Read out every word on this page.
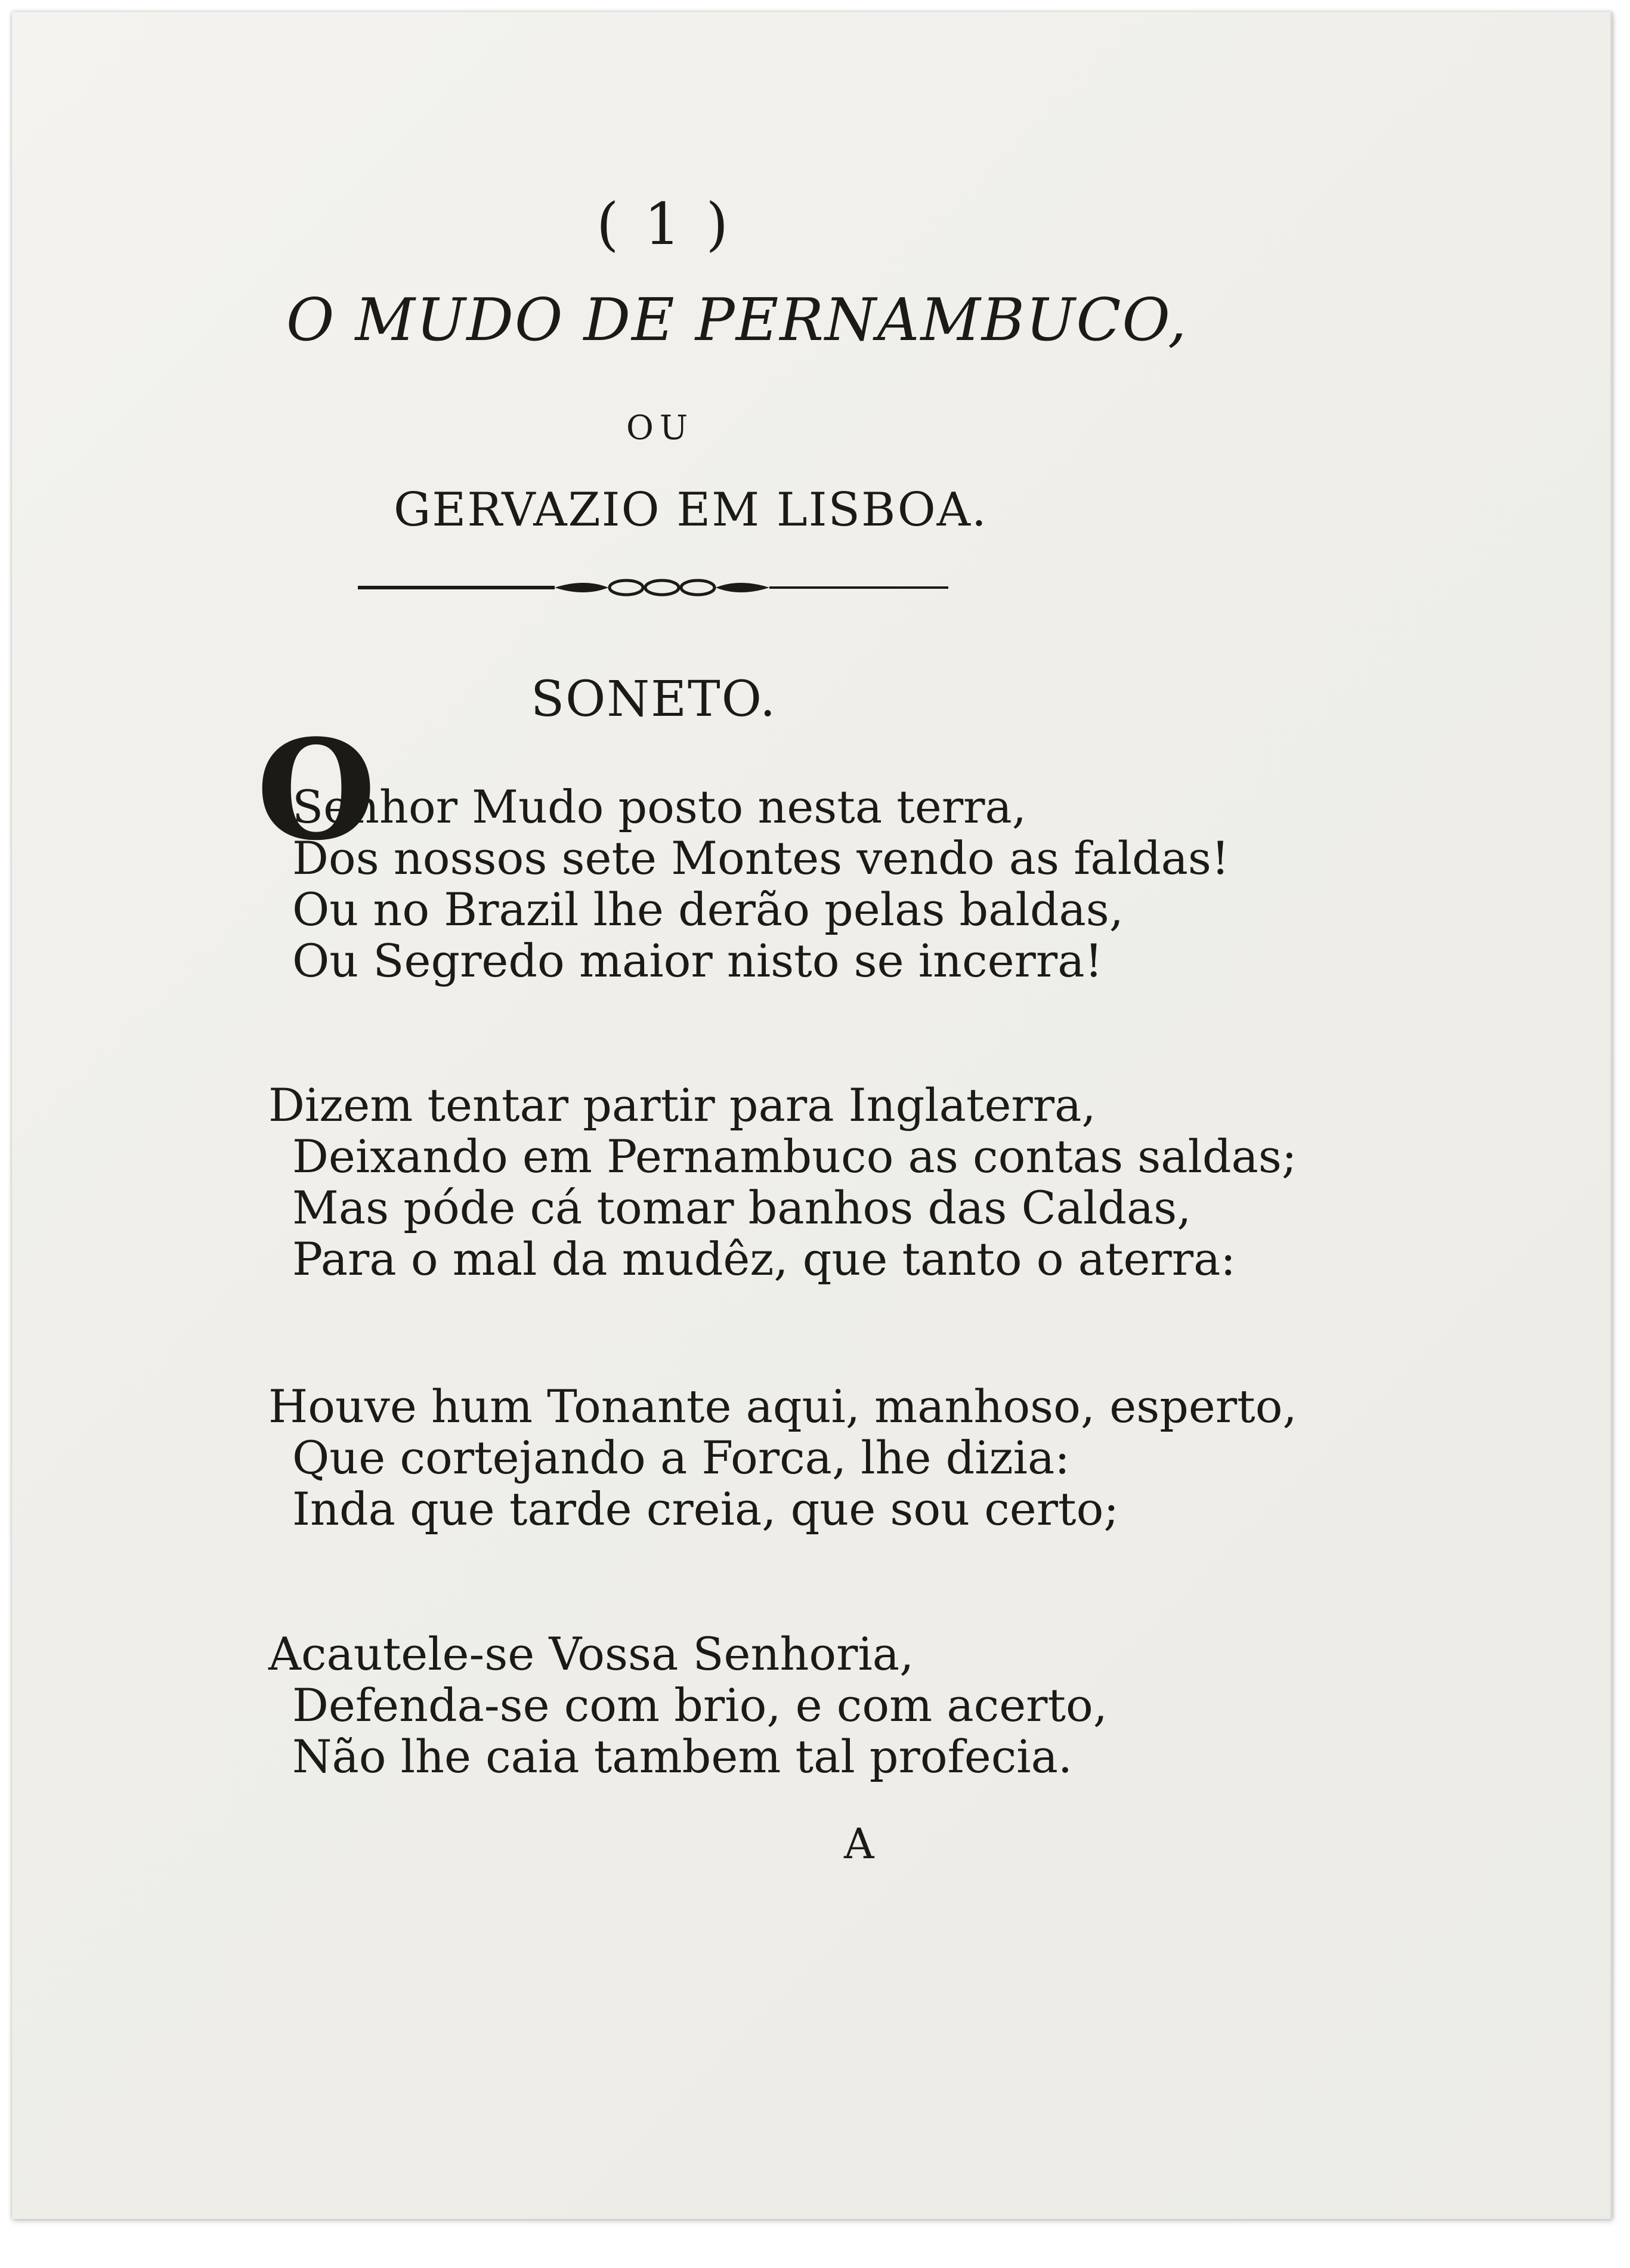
( 1 )
O MUDO DE PERNAMBUCO,
OU
GERVAZIO EM LISBOA.
SONETO.
O
Senhor Mudo posto nesta terra,
Dos nossos sete Montes vendo as faldas!
Ou no Brazil lhe derão pelas baldas,
Ou Segredo maior nisto se incerra!
Dizem tentar partir para Inglaterra,
Deixando em Pernambuco as contas saldas;
Mas póde cá tomar banhos das Caldas,
Para o mal da mudêz, que tanto o aterra:
Houve hum Tonante aqui, manhoso, esperto,
Que cortejando a Forca, lhe dizia:
Inda que tarde creia, que sou certo;
Acautele-se Vossa Senhoria,
Defenda-se com brio, e com acerto,
Não lhe caia tambem tal profecia.
A
